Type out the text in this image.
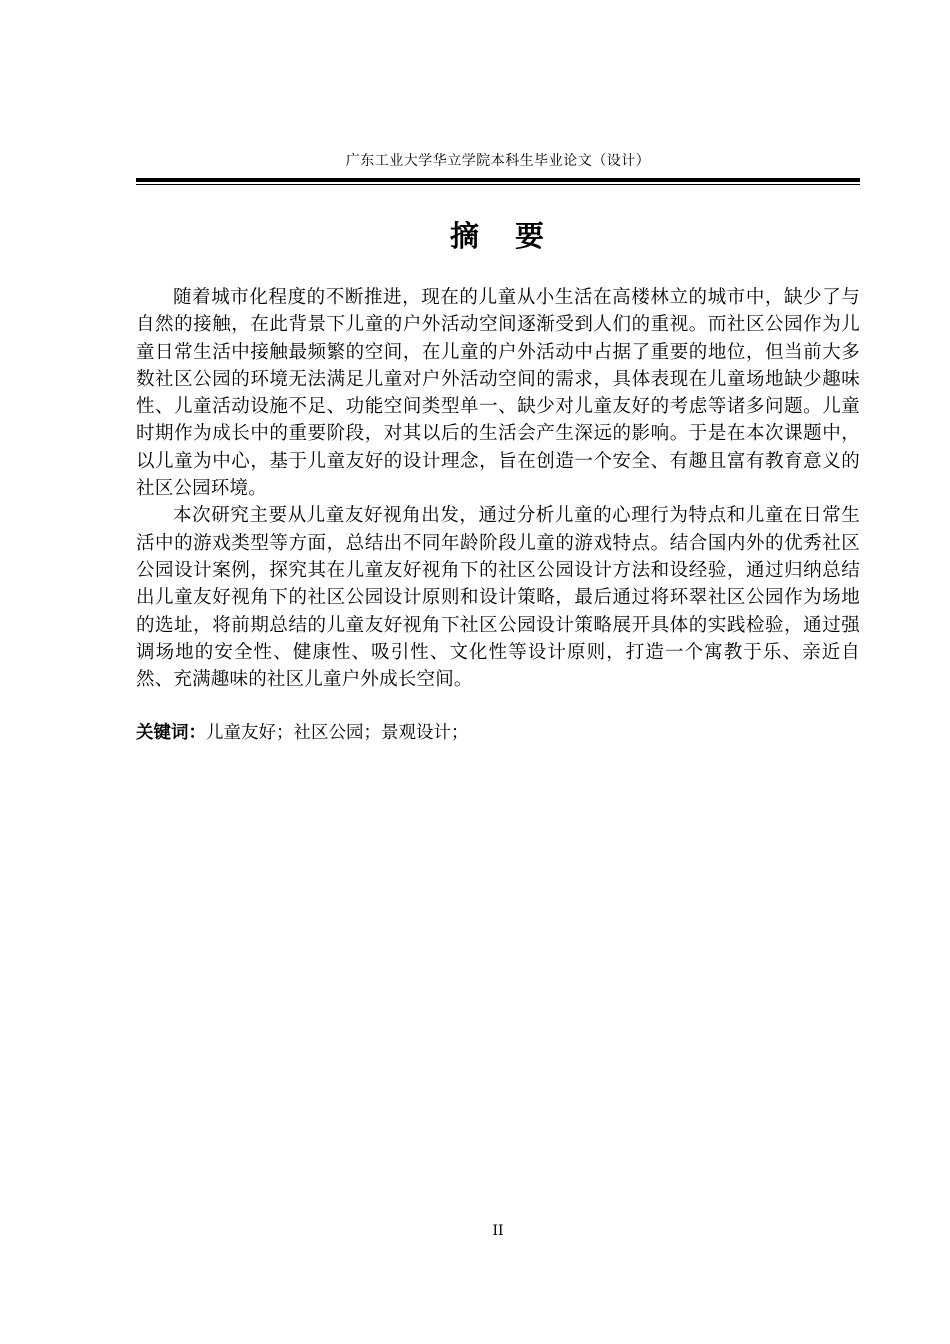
广东工业大学华立学院本科生毕业论文（设计）
摘 要

随着城市化程度的不断推进，现在的儿童从小生活在高楼林立的城市中，缺少了与自然的接触，在此背景下儿童的户外活动空间逐渐受到人们的重视。而社区公园作为儿童日常生活中接触最频繁的空间，在儿童的户外活动中占据了重要的地位，但当前大多数社区公园的环境无法满足儿童对户外活动空间的需求，具体表现在儿童场地缺少趣味性、儿童活动设施不足、功能空间类型单一、缺少对儿童友好的考虑等诸多问题。儿童时期作为成长中的重要阶段，对其以后的生活会产生深远的影响。于是在本次课题中，以儿童为中心，基于儿童友好的设计理念，旨在创造一个安全、有趣且富有教育意义的社区公园环境。

本次研究主要从儿童友好视角出发，通过分析儿童的心理行为特点和儿童在日常生活中的游戏类型等方面，总结出不同年龄阶段儿童的游戏特点。结合国内外的优秀社区公园设计案例，探究其在儿童友好视角下的社区公园设计方法和设经验，通过归纳总结出儿童友好视角下的社区公园设计原则和设计策略，最后通过将环翠社区公园作为场地的选址，将前期总结的儿童友好视角下社区公园设计策略展开具体的实践检验，通过强调场地的安全性、健康性、吸引性、文化性等设计原则，打造一个寓教于乐、亲近自然、充满趣味的社区儿童户外成长空间。

关键词：儿童友好；社区公园；景观设计；
II
